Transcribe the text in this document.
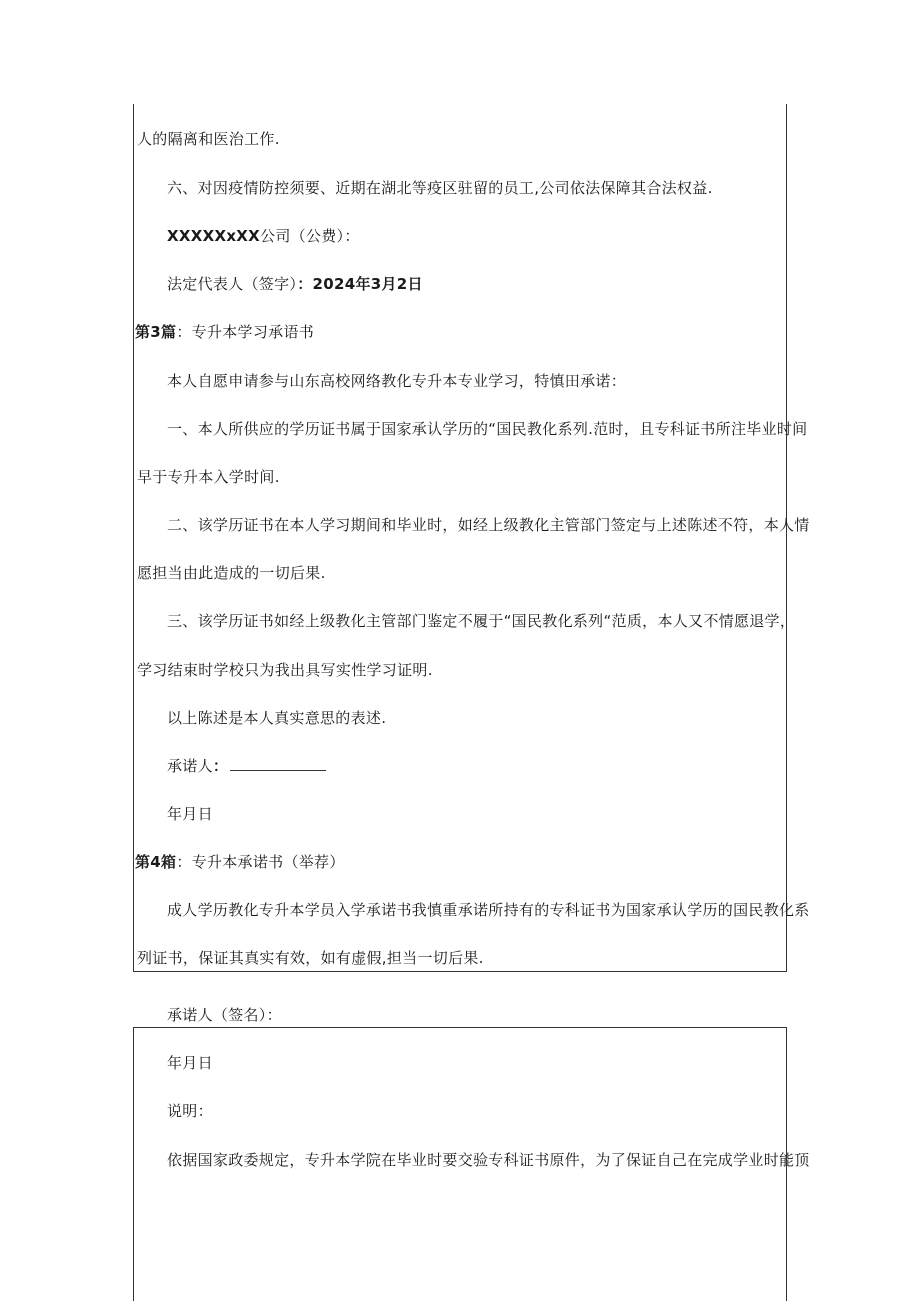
人的隔离和医治工作.
六、对因疫情防控须要、近期在湖北等疫区驻留的员工,公司依法保障其合法权益.
XXXXXxXX公司（公费）：
法定代表人（签字）：2024年3月2日
第3篇：专升本学习承语书
本人自愿申请参与山东高校网络教化专升本专业学习，特慎田承诺：
一、本人所供应的学历证书属于国家承认学历的“国民教化系列.范时，且专科证书所注毕业时间
早于专升本入学时间.
二、该学历证书在本人学习期间和毕业时，如经上级教化主管部门签定与上述陈述不符，本人情
愿担当由此造成的一切后果.
三、该学历证书如经上级教化主管部门鉴定不履于“国民教化系列“范质，本人又不情愿退学，
学习结束时学校只为我出具写实性学习证明.
以上陈述是本人真实意思的表述.
承诺人：
年月日
第4箱：专升本承诺书（举荐）
成人学历教化专升本学员入学承诺书我慎重承诺所持有的专科证书为国家承认学历的国民教化系
列证书，保证其真实有效，如有虚假,担当一切后果.
承诺人（签名）：
年月日
说明：
依据国家政委规定，专升本学院在毕业时要交验专科证书原件，为了保证自己在完成学业时能顶
